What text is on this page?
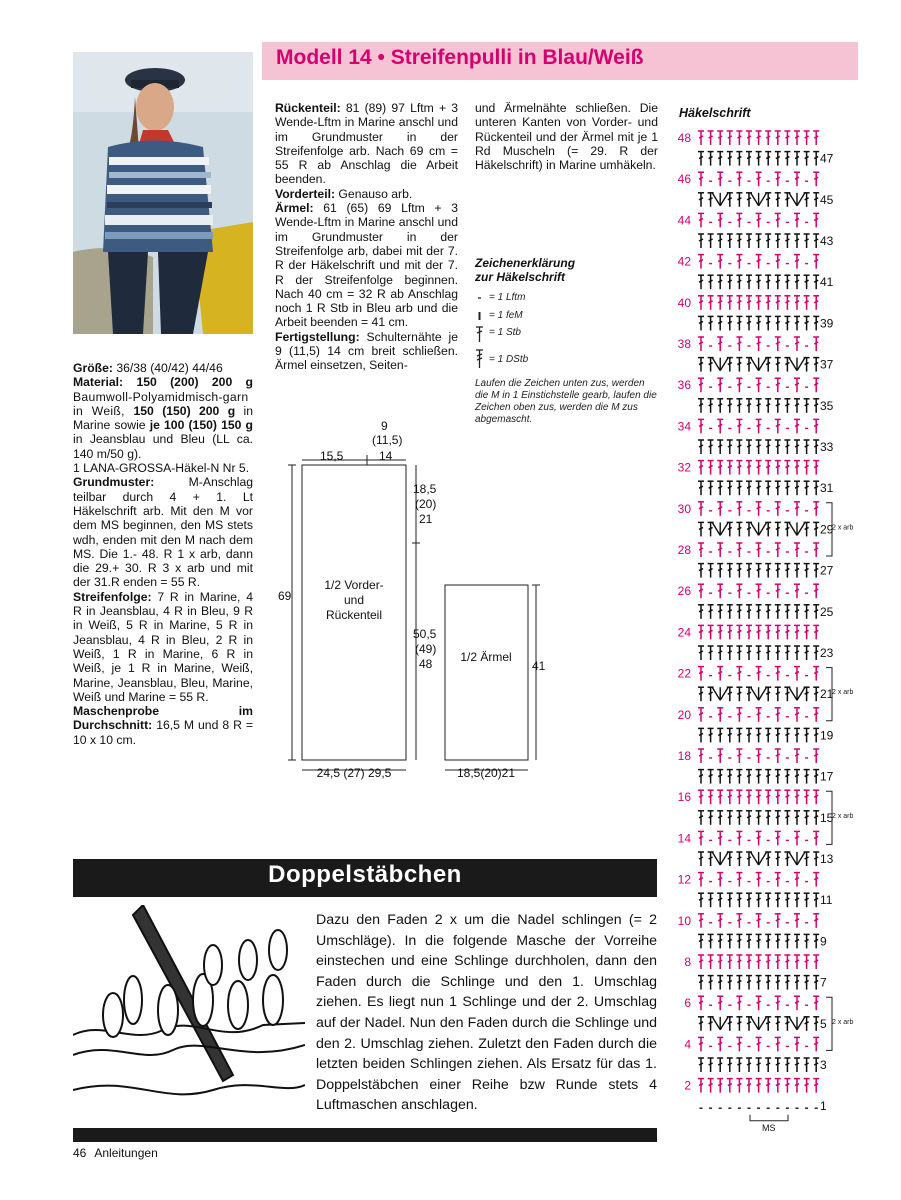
Modell 14 • Streifenpulli in Blau/Weiß

Größe: 36/38 (40/42) 44/46
Material: 150 (200) 200 g Baumwoll-Polyamidmisch-garn in Weiß, 150 (150) 200 g in Marine sowie je 100 (150) 150 g in Jeansblau und Bleu (LL ca. 140 m/50 g).
1 LANA-GROSSA-Häkel-N Nr 5.
Grundmuster: M-Anschlag teilbar durch 4 + 1. Lt Häkelschrift arb. Mit den M vor dem MS beginnen, den MS stets wdh, enden mit den M nach dem MS. Die 1.- 48. R 1 x arb, dann die 29.+ 30. R 3 x arb und mit der 31.R enden = 55 R.
Streifenfolge: 7 R in Marine, 4 R in Jeansblau, 4 R in Bleu, 9 R in Weiß, 5 R in Marine, 5 R in Jeansblau, 4 R in Bleu, 2 R in Weiß, 1 R in Marine, 6 R in Weiß, je 1 R in Marine, Weiß, Marine, Jeansblau, Bleu, Marine, Weiß und Marine = 55 R.
Maschenprobe im Durchschnitt: 16,5 M und 8 R = 10 x 10 cm.

Rückenteil: 81 (89) 97 Lftm + 3 Wende-Lftm in Marine anschl und im Grundmuster in der Streifenfolge arb. Nach 69 cm = 55 R ab Anschlag die Arbeit beenden.
Vorderteil: Genauso arb.
Ärmel: 61 (65) 69 Lftm + 3 Wende-Lftm in Marine anschl und im Grundmuster in der Streifenfolge arb, dabei mit der 7. R der Häkelschrift und mit der 7. R der Streifenfolge beginnen. Nach 40 cm = 32 R ab Anschlag noch 1 R Stb in Bleu arb und die Arbeit beenden = 41 cm.
Fertigstellung: Schulternähte je 9 (11,5) 14 cm breit schließen. Ärmel einsetzen, Seiten-

und Ärmelnähte schließen. Die unteren Kanten von Vorder- und Rückenteil und der Ärmel mit je 1 Rd Muscheln (= 29. R der Häkelschrift) in Marine umhäkeln.

Zeichenerklärung
zur Häkelschrift
= 1 Lftm
= 1 feM
= 1 Stb
= 1 DStb
Laufen die Zeichen unten zus, werden die M in 1 Einstichstelle gearb, laufen die Zeichen oben zus, werden die M zus abgemascht.
15,5
9
(11,5)
14
18,5
(20)
21
50,5
(49)
48
69
1/2 Vorder-
und
Rückenteil
1/2 Ärmel
24,5 (27) 29,5	18,5(20)21
41
Häkelschrift
48
47
46
45
44
43
42
41
40
39
38
37
36
35
34
33
32
31
30
29
28
27
26
25
24
23
22
21
20
19
18
17
16
15
14
13
12
11
10
9
8
7
6
5
4
3
2
1
2 x arb
2 x arb
2 x arb
2 x arb
MS
Doppelstäbchen
Dazu den Faden 2 x um die Nadel schlingen (= 2 Umschläge). In die folgende Masche der Vorreihe einstechen und eine Schlinge durchholen, dann den Faden durch die Schlinge und den 1. Umschlag ziehen. Es liegt nun 1 Schlinge und der 2. Umschlag auf der Nadel. Nun den Faden durch die Schlinge und den 2. Umschlag ziehen. Zuletzt den Faden durch die letzten beiden Schlingen ziehen. Als Ersatz für das 1. Doppelstäbchen einer Reihe bzw Runde stets 4 Luftmaschen anschlagen.
46 Anleitungen
